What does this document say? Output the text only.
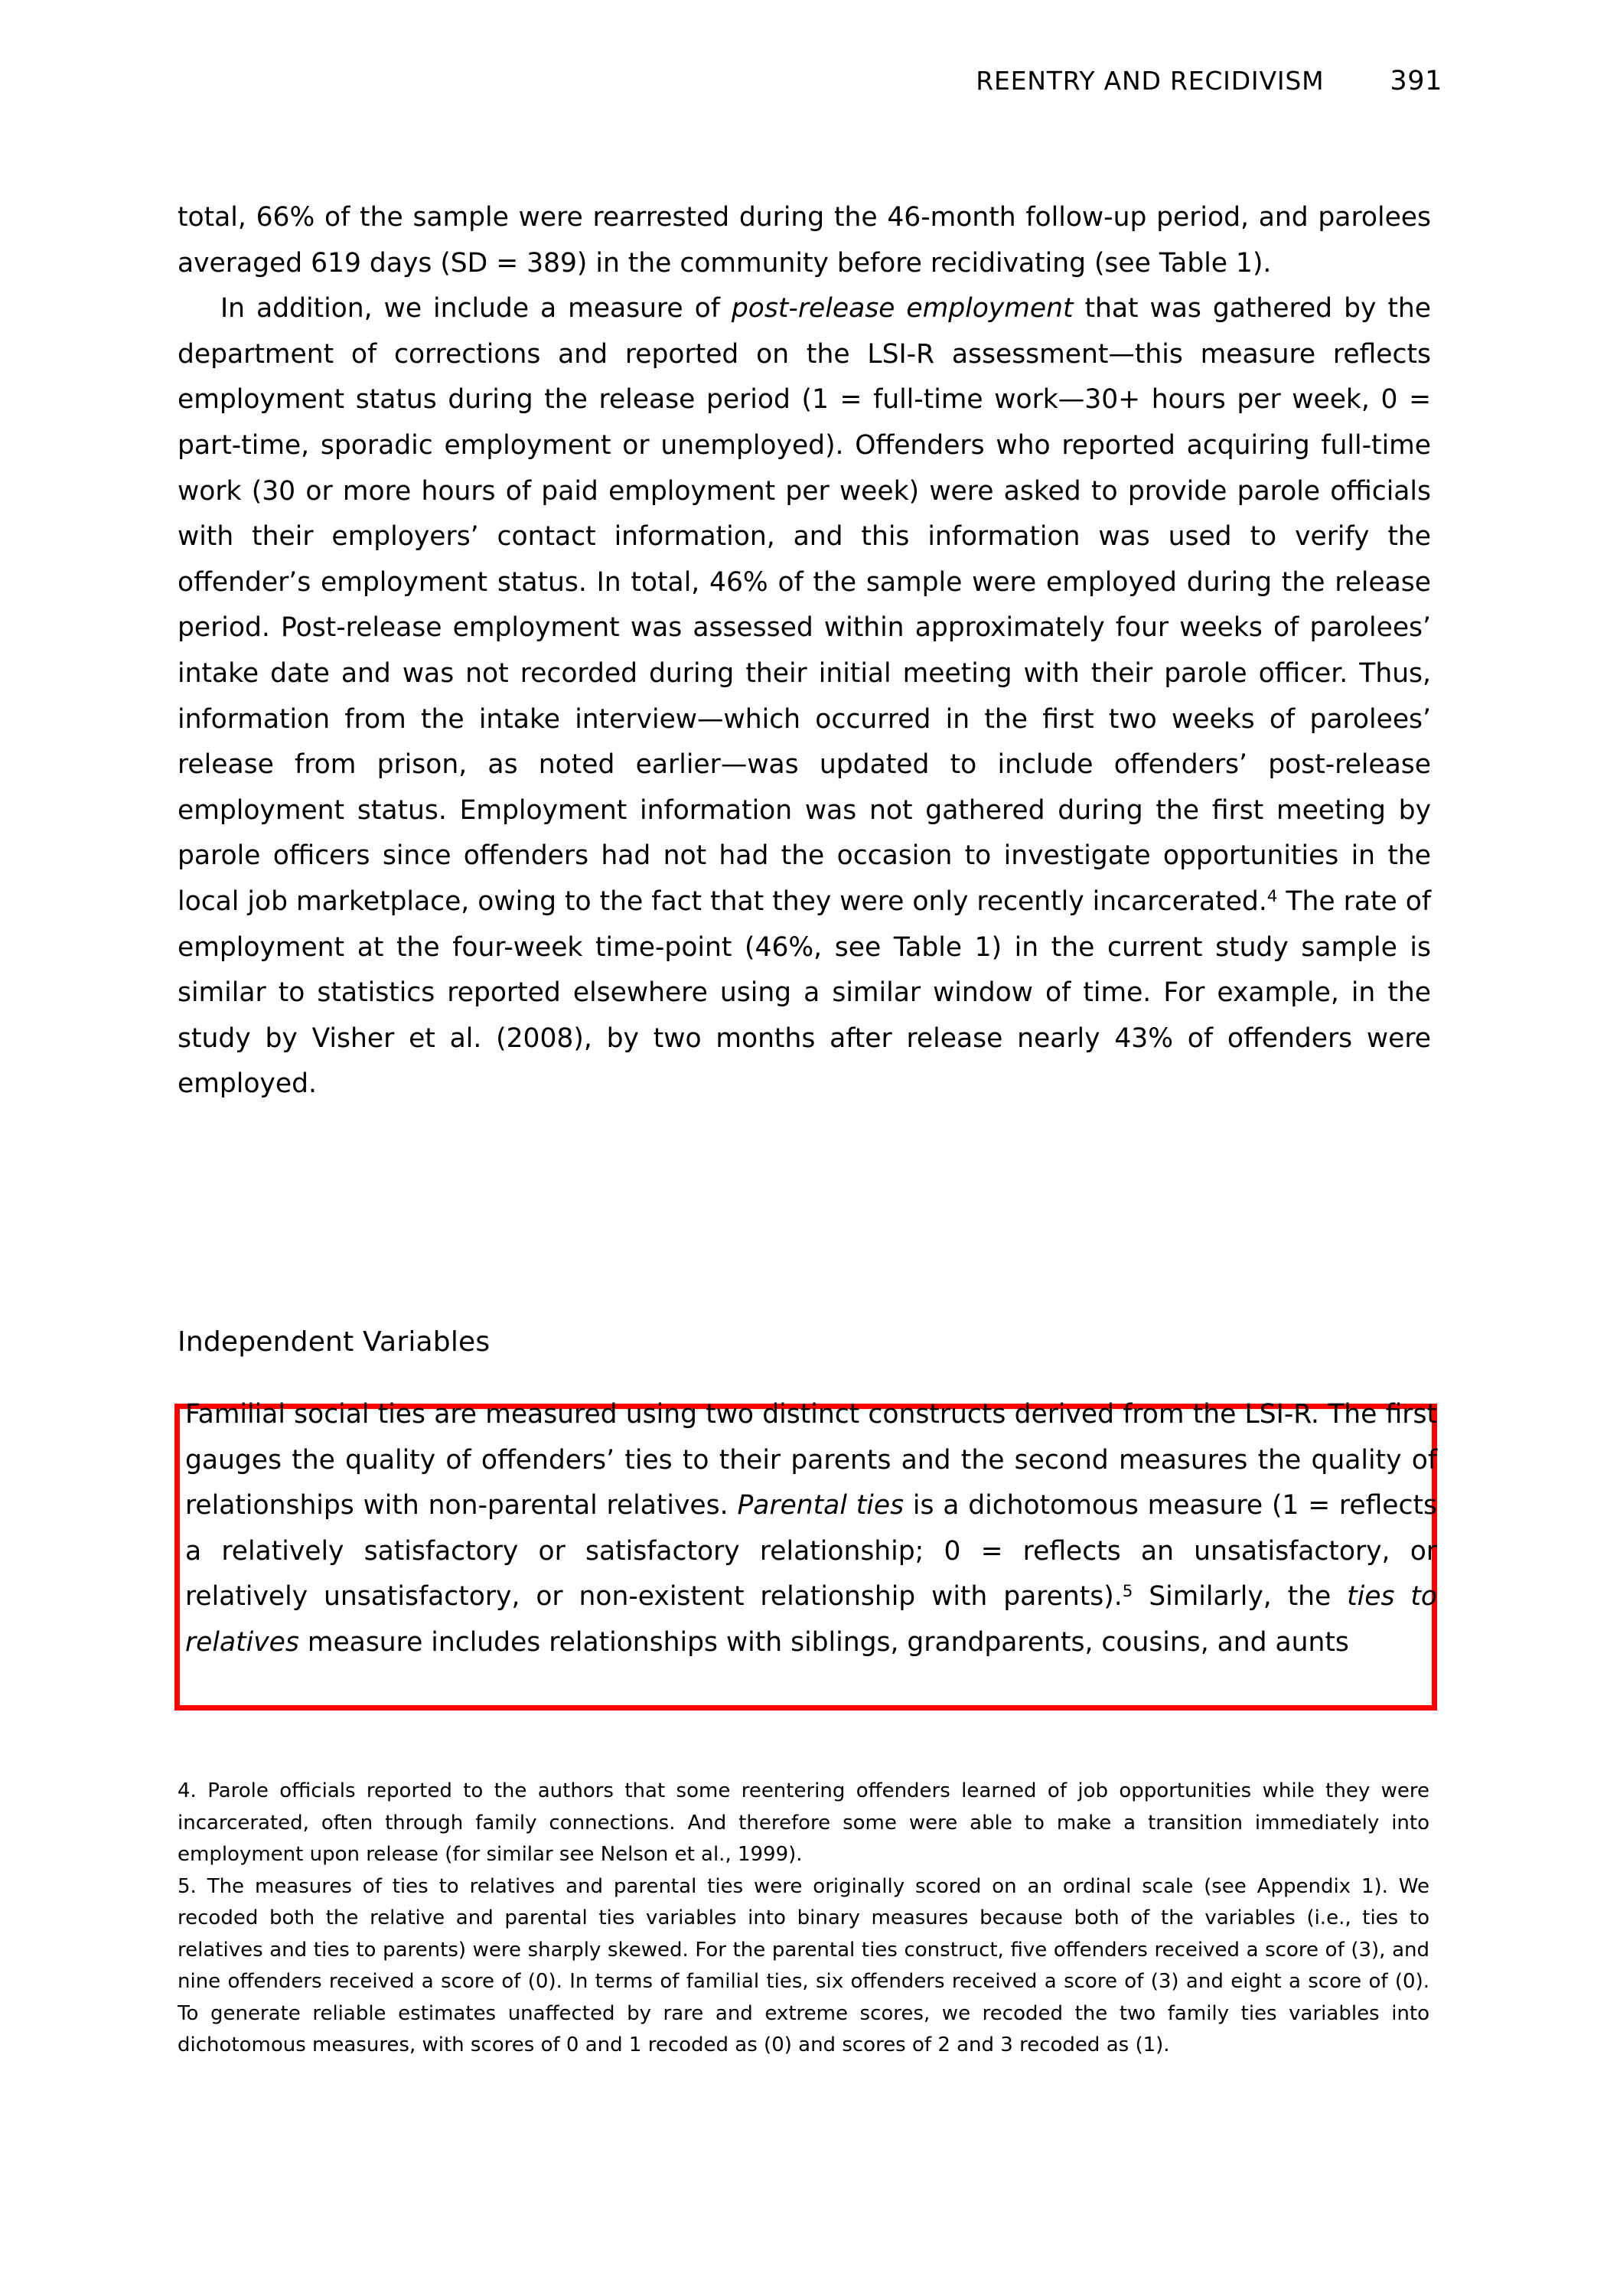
REENTRY AND RECIDIVISM 391

total, 66% of the sample were rearrested during the 46-month follow-up period, and parolees averaged 619 days (SD = 389) in the community before recidivating (see Table 1).

In addition, we include a measure of post-release employment that was gathered by the department of corrections and reported on the LSI-R assessment—this measure reflects employment status during the release period (1 = full-time work—30+ hours per week, 0 = part-time, sporadic employment or unemployed). Offenders who reported acquiring full-time work (30 or more hours of paid employment per week) were asked to provide parole officials with their employers’ contact information, and this information was used to verify the offender’s employment status. In total, 46% of the sample were employed during the release period. Post-release employment was assessed within approximately four weeks of parolees’ intake date and was not recorded during their initial meeting with their parole officer. Thus, information from the intake interview—which occurred in the first two weeks of parolees’ release from prison, as noted earlier—was updated to include offenders’ post-release employment status. Employment information was not gathered during the first meeting by parole officers since offenders had not had the occasion to investigate opportunities in the local job marketplace, owing to the fact that they were only recently incarcerated.$^4$ The rate of employment at the four-week time-point (46%, see Table 1) in the current study sample is similar to statistics reported elsewhere using a similar window of time. For example, in the study by Visher et al. (2008), by two months after release nearly 43% of offenders were employed.

Independent Variables

Familial social ties are measured using two distinct constructs derived from the LSI-R. The first gauges the quality of offenders’ ties to their parents and the second measures the quality of relationships with non-parental relatives. Parental ties is a dichotomous measure (1 = reflects a relatively satisfactory or satisfactory relationship; 0 = reflects an unsatisfactory, or relatively unsatisfactory, or non-existent relationship with parents).$^5$ Similarly, the ties to relatives measure includes relationships with siblings, grandparents, cousins, and aunts

4. Parole officials reported to the authors that some reentering offenders learned of job opportunities while they were incarcerated, often through family connections. And therefore some were able to make a transition immediately into employment upon release (for similar see Nelson et al., 1999).

5. The measures of ties to relatives and parental ties were originally scored on an ordinal scale (see Appendix 1). We recoded both the relative and parental ties variables into binary measures because both of the variables (i.e., ties to relatives and ties to parents) were sharply skewed. For the parental ties construct, five offenders received a score of (3), and nine offenders received a score of (0). In terms of familial ties, six offenders received a score of (3) and eight a score of (0). To generate reliable estimates unaffected by rare and extreme scores, we recoded the two family ties variables into dichotomous measures, with scores of 0 and 1 recoded as (0) and scores of 2 and 3 recoded as (1).
